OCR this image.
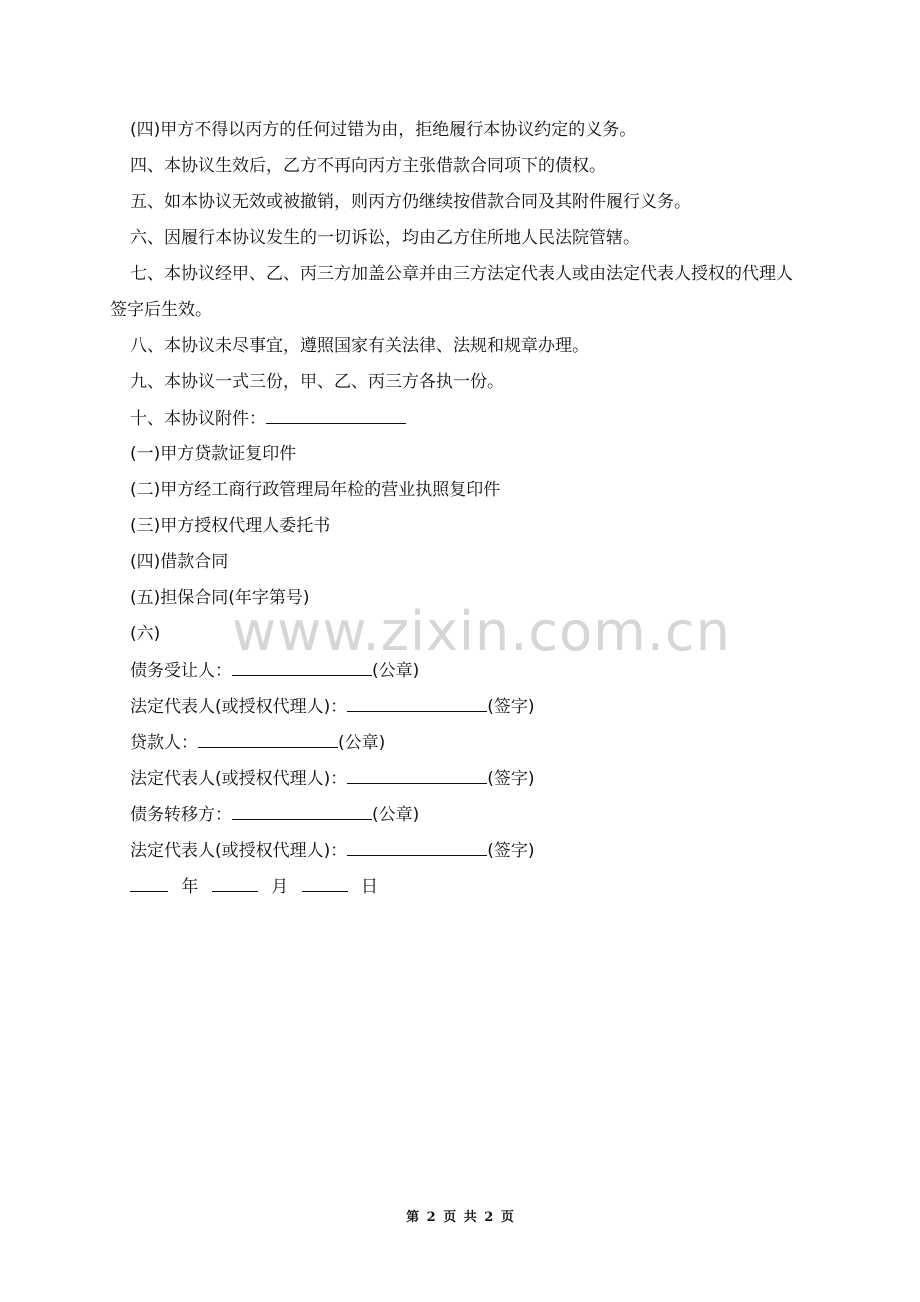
(四)甲方不得以丙方的任何过错为由，拒绝履行本协议约定的义务。
四、本协议生效后，乙方不再向丙方主张借款合同项下的债权。
五、如本协议无效或被撤销，则丙方仍继续按借款合同及其附件履行义务。
六、因履行本协议发生的一切诉讼，均由乙方住所地人民法院管辖。
七、本协议经甲、乙、丙三方加盖公章并由三方法定代表人或由法定代表人授权的代理人签字后生效。
八、本协议未尽事宜，遵照国家有关法律、法规和规章办理。
九、本协议一式三份，甲、乙、丙三方各执一份。
十、本协议附件：
(一)甲方贷款证复印件
(二)甲方经工商行政管理局年检的营业执照复印件
(三)甲方授权代理人委托书
(四)借款合同
(五)担保合同(年字第号)
(六)
债务受让人：	(公章)
法定代表人(或授权代理人)：	(签字)
贷款人：	(公章)
法定代表人(或授权代理人)：	(签字)
债务转移方：	(公章)
法定代表人(或授权代理人)：	(签字)
年	月	日
www.zixin.com.cn
第 2 页 共 2 页
